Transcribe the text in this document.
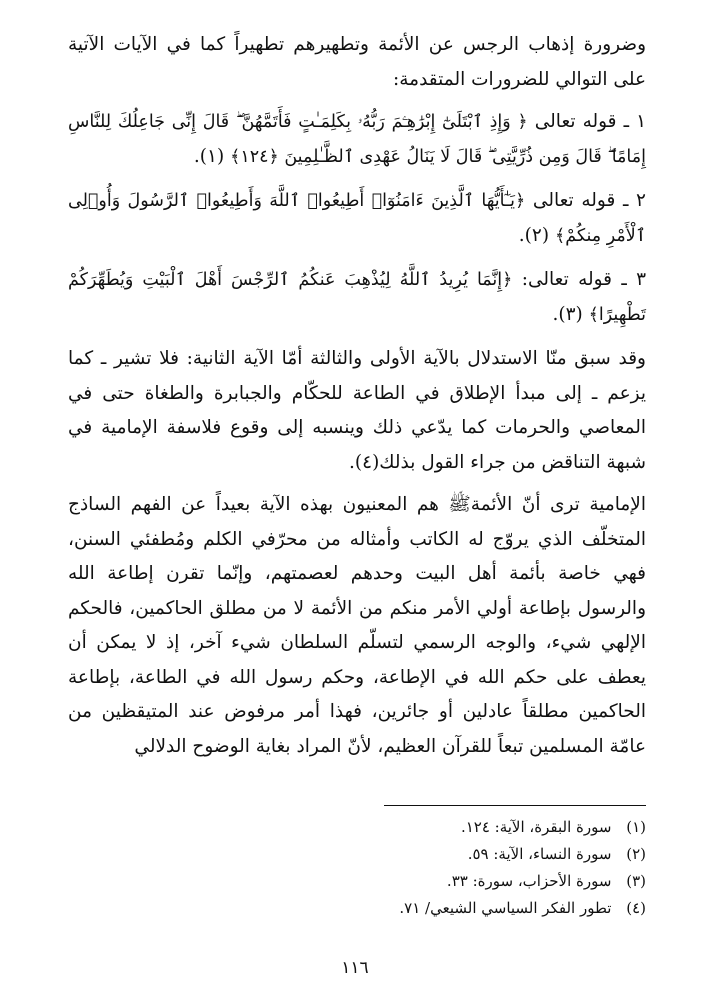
وضرورة إذهاب الرجس عن الأئمة وتطهيرهم تطهيراً كما في الآيات الآتية على التوالي للضرورات المتقدمة:

١ ـ قوله تعالى ﴿ وَإِذِ ٱبْتَلَىٰٓ إِبْرَٰهِـۧمَ رَبُّهُۥ بِكَلِمَـٰتٍ فَأَتَمَّهُنَّ ۖ قَالَ إِنِّى جَاعِلُكَ لِلنَّاسِ إِمَامًا ۖ قَالَ وَمِن ذُرِّيَّتِى ۖ قَالَ لَا يَنَالُ عَهْدِى ٱلظَّـٰلِمِينَ ﴿١٢٤﴾ (١).
٢ ـ قوله تعالى ﴿يَـٰٓأَيُّهَا ٱلَّذِينَ ءَامَنُوٓا۟ أَطِيعُوا۟ ٱللَّهَ وَأَطِيعُوا۟ ٱلرَّسُولَ وَأُو۟لِى ٱلْأَمْرِ مِنكُمْ﴾ (٢).
٣ ـ قوله تعالى: ﴿إِنَّمَا يُرِيدُ ٱللَّهُ لِيُذْهِبَ عَنكُمُ ٱلرِّجْسَ أَهْلَ ٱلْبَيْتِ وَيُطَهِّرَكُمْ تَطْهِيرًا﴾ (٣).

وقد سبق منّا الاستدلال بالآية الأولى والثالثة أمّا الآية الثانية: فلا تشير ـ كما يزعم ـ إلى مبدأ الإطلاق في الطاعة للحكّام والجبابرة والطغاة حتى في المعاصي والحرمات كما يدّعي ذلك وينسبه إلى وقوع فلاسفة الإمامية في شبهة التناقض من جراء القول بذلك(٤).

الإمامية ترى أنّ الأئمةﷺ هم المعنيون بهذه الآية بعيداً عن الفهم الساذج المتخلّف الذي يروّج له الكاتب وأمثاله من محرّفي الكلم ومُطفئي السنن، فهي خاصة بأئمة أهل البيت وحدهم لعصمتهم، وإنّما تقرن إطاعة الله والرسول بإطاعة أولي الأمر منكم من الأئمة لا من مطلق الحاكمين، فالحكم الإلهي شيء، والوجه الرسمي لتسلّم السلطان شيء آخر، إذ لا يمكن أن يعطف على حكم الله في الإطاعة، وحكم رسول الله في الطاعة، بإطاعة الحاكمين مطلقاً عادلين أو جائرين، فهذا أمر مرفوض عند المتيقظين من عامّة المسلمين تبعاً للقرآن العظيم، لأنّ المراد بغاية الوضوح الدلالي

(١) سورة البقرة، الآية: ١٢٤.
(٢) سورة النساء، الآية: ٥٩.
(٣) سورة الأحزاب، سورة: ٣٣.
(٤) تطور الفكر السياسي الشيعي/ ٧١.
١١٦
